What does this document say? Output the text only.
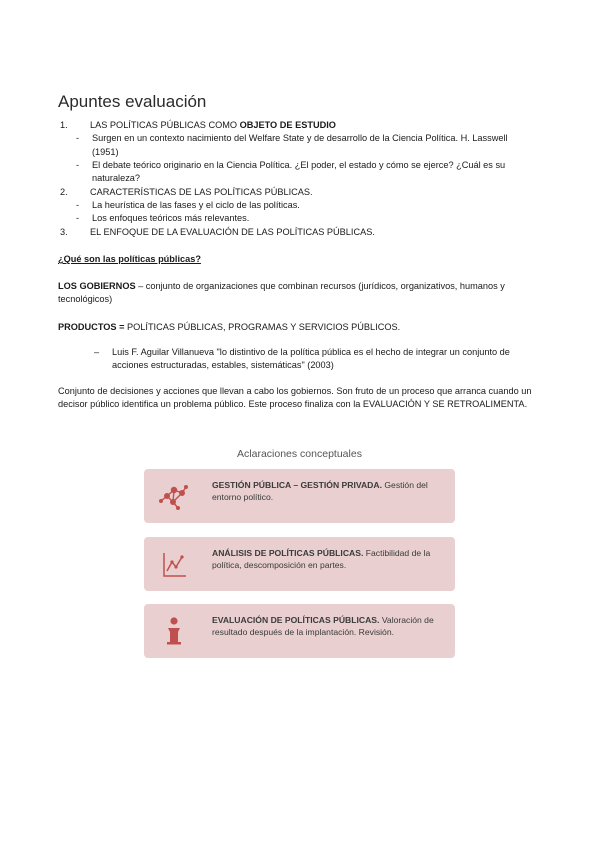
Apuntes evaluación
1.	LAS POLÍTICAS PÚBLICAS COMO OBJETO DE ESTUDIO
-	Surgen en un contexto nacimiento del Welfare State y de desarrollo de la Ciencia Política. H. Lasswell (1951)
-	El debate teórico originario en la Ciencia Política. ¿El poder, el estado y cómo se ejerce? ¿Cuál es su naturaleza?
2.	CARACTERÍSTICAS DE LAS POLÍTICAS PÚBLICAS.
-	La heurística de las fases y el ciclo de las políticas.
-	Los enfoques teóricos más relevantes.
3.	EL ENFOQUE DE LA EVALUACIÓN DE LAS POLÍTICAS PÚBLICAS.
¿Qué son las políticas públicas?
LOS GOBIERNOS – conjunto de organizaciones que combinan recursos (jurídicos, organizativos, humanos y tecnológicos)
PRODUCTOS = POLÍTICAS PÚBLICAS, PROGRAMAS Y SERVICIOS PÚBLICOS.
–	Luis F. Aguilar Villanueva "lo distintivo de la política pública es el hecho de integrar un conjunto de acciones estructuradas, estables, sistemáticas" (2003)
Conjunto de decisiones y acciones que llevan a cabo los gobiernos. Son fruto de un proceso que arranca cuando un decisor público identifica un problema público. Este proceso finaliza con la EVALUACIÓN Y SE RETROALIMENTA.
Aclaraciones conceptuales
GESTIÓN PÚBLICA – GESTIÓN PRIVADA. Gestión del entorno político.
ANÁLISIS DE POLÍTICAS PÚBLICAS. Factibilidad de la política, descomposición en partes.
EVALUACIÓN DE POLÍTICAS PÚBLICAS. Valoración de resultado después de la implantación. Revisión.
